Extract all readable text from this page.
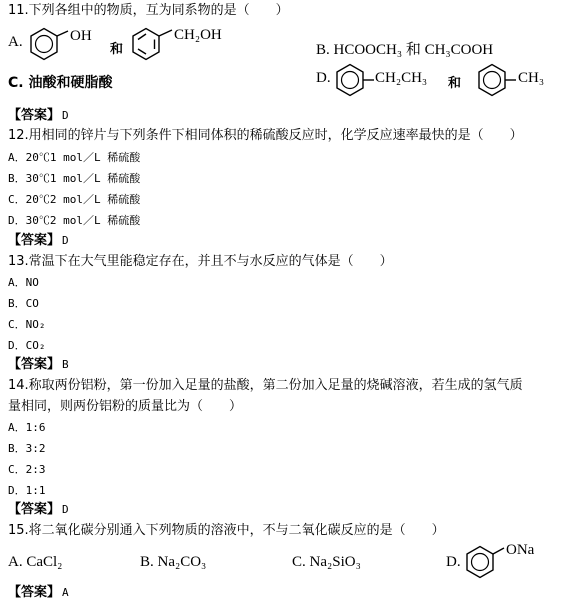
11.下列各组中的物质，互为同系物的是（　　）
A.	OH
和
CH₂OH
B. HCOOCH₃ 和 CH₃COOH
C. 油酸和硬脂酸	D.	CH₂CH₃ 和	CH₃
【答案】 D
12.用相同的锌片与下列条件下相同体积的稀硫酸反应时，化学反应速率最快的是（　　）
A．20℃1 mol／L 稀硫酸
B．30℃1 mol／L 稀硫酸
C．20℃2 mol／L 稀硫酸
D．30℃2 mol／L 稀硫酸
【答案】 D
13.常温下在大气里能稳定存在，并且不与水反应的气体是（　　）
A．NO
B．CO
C．NO₂
D．CO₂
【答案】 B
14.称取两份铝粉，第一份加入足量的盐酸，第二份加入足量的烧碱溶液，若生成的氢气质
量相同，则两份铝粉的质量比为（　　）
A．1:6
B．3:2
C．2:3
D．1:1
【答案】 D
15.将二氧化碳分别通入下列物质的溶液中，不与二氧化碳反应的是（　　）
A. CaCl₂	B. Na₂CO₃	C. Na₂SiO₃	D.
ONa
【答案】 A
